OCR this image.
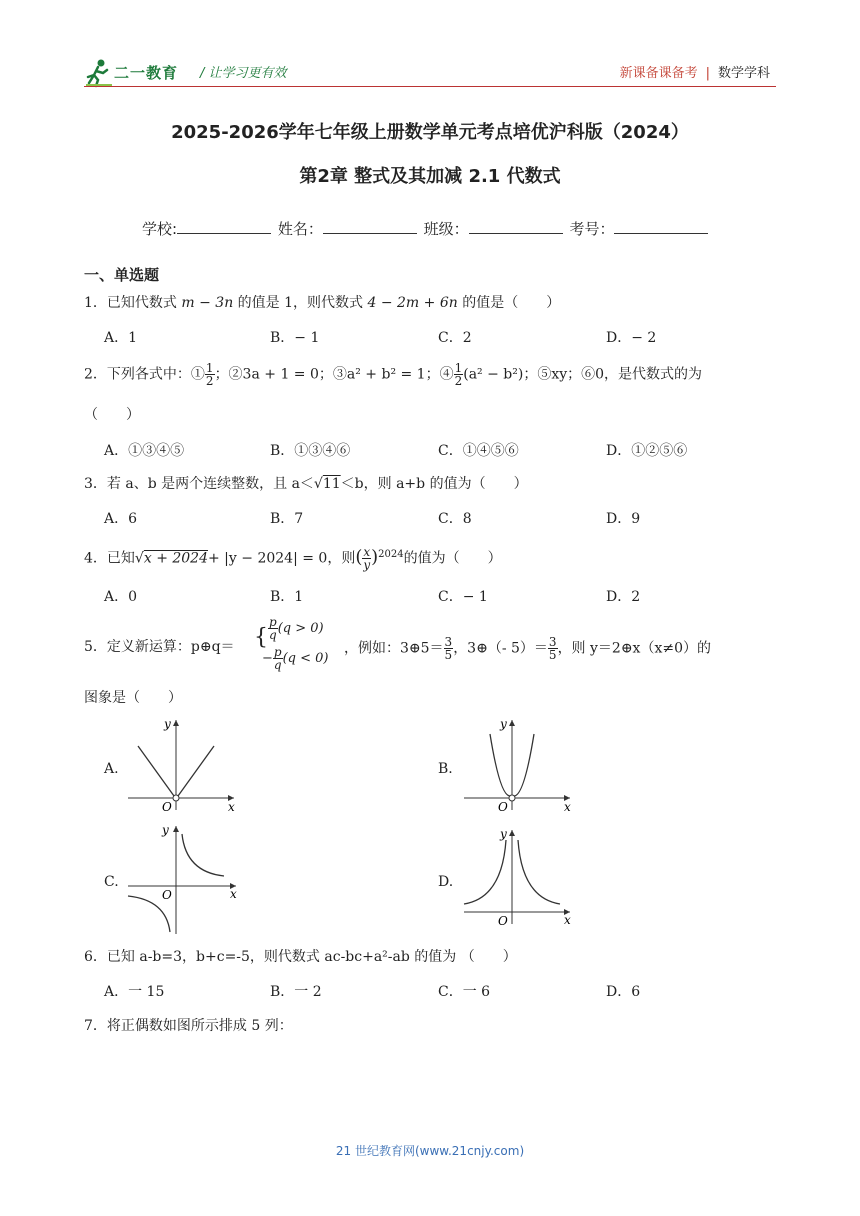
二一教育 / 让学习更有效	新课备课备考 | 数学学科
2025-2026学年七年级上册数学单元考点培优沪科版（2024）
第2章 整式及其加减 2.1 代数式
学校:	姓名：	班级：	考号：
一、单选题
1．已知代数式 m − 3n 的值是 1，则代数式 4 − 2m + 6n 的值是（　　）
A．1	B．− 1	C．2	D．− 2
2．下列各式中：① $\frac{1}{2}$ ；②3a + 1 = 0；③a² + b² = 1；④ $\frac{1}{2} (a^2 - b^2)$；⑤xy；⑥0，是代数式的为
（　　）
A．①③④⑤	B．①③④⑥	C．①④⑤⑥	D．①②⑤⑥
3．若 a、b 是两个连续整数，且 a＜√11＜b，则 a+b 的值为（　　）
A．6	B．7	C．8	D．9
4．已知√x + 2024+ |y − 2024| = 0，则( $\frac{x}{y} )^{2024}$的值为（　　）
A．0	B．1	C．− 1	D．2
5．定义新运算：p⊕q＝ { $\frac{p}{q} (q > 0)$
− $\frac{p}{q} (q < 0)$
，例如：3⊕5＝ $\frac{3}{5}$ ，3⊕（- $5)= \frac{3}{5}$ ，则 y＝2⊕x（x≠0）的
图象是（　　）
A.
x
y
O
B.
x
y
O
C.
x
y
O
D.
x
y
O
6．已知 a-b=3，b+c=-5，则代数式 ac-bc+a²-ab 的值为 （　　）
A．一 15	B．一 2	C．一 6	D．6
7．将正偶数如图所示排成 5 列：
21 世纪教育网(www.21cnjy.com)
